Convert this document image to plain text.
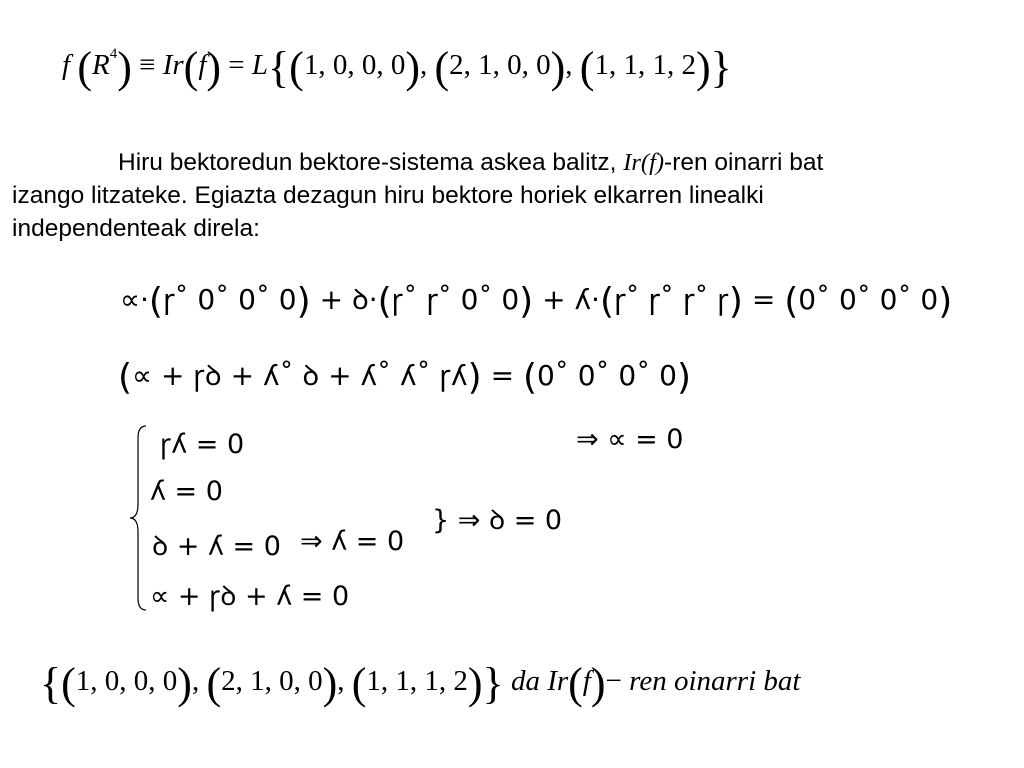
f $(R^4) \equiv Ir(f) = L\{(1$, 0, 0, 0), (2, 1, 0, 0), (1, 1, 1, 2)}
Hiru bektoredun bektore-sistema askea balitz, Ir(f)-ren oinarri bat
izango litzateke. Egiazta dezagun hiru bektore horiek elkarren linealki
independenteak direla:
∝·(ɼ˚ 0˚ 0˚ 0) + ꝺ·(ꞅ˚ ɼ˚ 0˚ 0) + ʎ·(ɼ˚ ɼ˚ ɼ˚ ꞅ) = (0˚ 0˚ 0˚ 0)
(∝ + ꞅꝺ + ʎ˚ ꝺ + ʎ˚ ʎ˚ ꞅʎ) = (0˚ 0˚ 0˚ 0)
ꞅʎ = 0
ʎ = 0
ꝺ + ʎ = 0
∝ + ꞅꝺ + ʎ = 0
⇒ ʎ = 0
} ⇒ ꝺ = 0
⇒ ∝ = 0
{(1, 0, 0, 0), (2, 1, 0, 0), (1, 1, 1, 2)} da Ir(f)− ren oinarri bat
